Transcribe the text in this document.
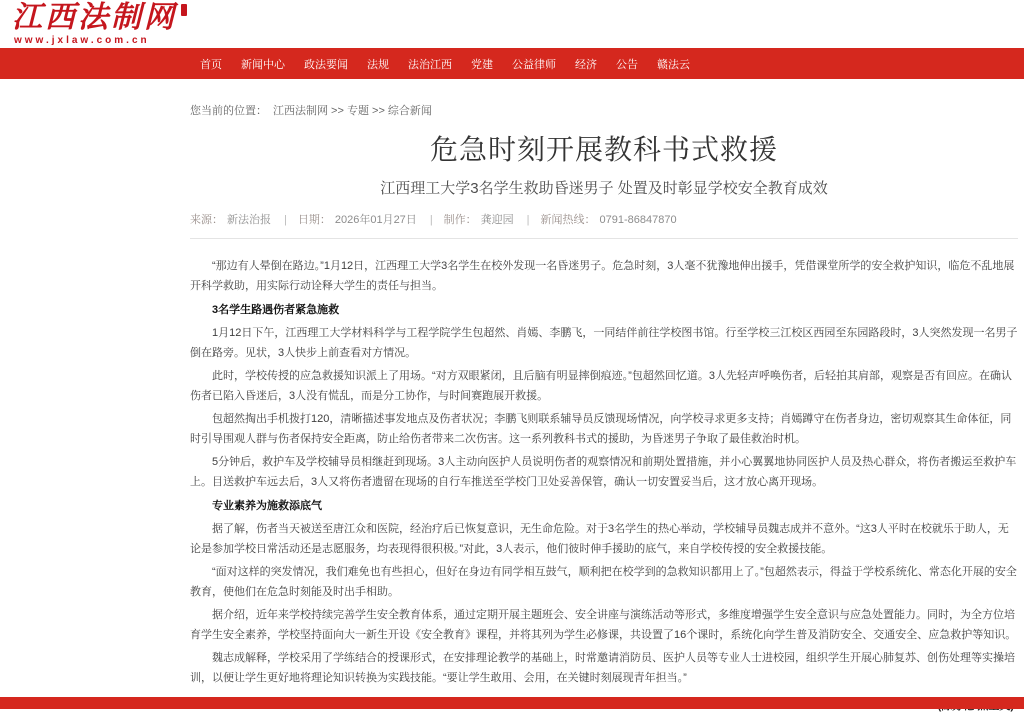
江西法制网
www.jxlaw.com.cn
首页 新闻中心 政法要闻 法规 法治江西 党建 公益律师 经济 公告 赣法云
您当前的位置： 江西法制网 >> 专题 >> 综合新闻
危急时刻开展教科书式救援
江西理工大学3名学生救助昏迷男子 处置及时彰显学校安全教育成效
来源： 新法治报 | 日期： 2026年01月27日 | 制作： 龚迎园 | 新闻热线： 0791-86847870
“那边有人晕倒在路边。”1月12日，江西理工大学3名学生在校外发现一名昏迷男子。危急时刻，3人毫不犹豫地伸出援手，凭借课堂所学的安全救护知识，临危不乱地展开科学救助，用实际行动诠释大学生的责任与担当。
3名学生路遇伤者紧急施救
1月12日下午，江西理工大学材料科学与工程学院学生包超然、肖嫣、李鹏飞，一同结伴前往学校图书馆。行至学校三江校区西园至东园路段时，3人突然发现一名男子倒在路旁。见状，3人快步上前查看对方情况。
此时，学校传授的应急救援知识派上了用场。“对方双眼紧闭，且后脑有明显摔倒痕迹。”包超然回忆道。3人先轻声呼唤伤者，后轻拍其肩部，观察是否有回应。在确认伤者已陷入昏迷后，3人没有慌乱，而是分工协作，与时间赛跑展开救援。
包超然掏出手机拨打120，清晰描述事发地点及伤者状况；李鹏飞则联系辅导员反馈现场情况，向学校寻求更多支持；肖嫣蹲守在伤者身边，密切观察其生命体征，同时引导围观人群与伤者保持安全距离，防止给伤者带来二次伤害。这一系列教科书式的援助，为昏迷男子争取了最佳救治时机。
5分钟后，救护车及学校辅导员相继赶到现场。3人主动向医护人员说明伤者的观察情况和前期处置措施，并小心翼翼地协同医护人员及热心群众，将伤者搬运至救护车上。目送救护车远去后，3人又将伤者遗留在现场的自行车推送至学校门卫处妥善保管，确认一切安置妥当后，这才放心离开现场。
专业素养为施救添底气
据了解，伤者当天被送至唐江众和医院，经治疗后已恢复意识，无生命危险。对于3名学生的热心举动，学校辅导员魏志成并不意外。“这3人平时在校就乐于助人，无论是参加学校日常活动还是志愿服务，均表现得很积极。”对此，3人表示，他们彼时伸手援助的底气，来自学校传授的安全救援技能。
“面对这样的突发情况，我们难免也有些担心，但好在身边有同学相互鼓气，顺利把在校学到的急救知识都用上了。”包超然表示，得益于学校系统化、常态化开展的安全教育，使他们在危急时刻能及时出手相助。
据介绍，近年来学校持续完善学生安全教育体系，通过定期开展主题班会、安全讲座与演练活动等形式，多维度增强学生安全意识与应急处置能力。同时，为全方位培育学生安全素养，学校坚持面向大一新生开设《安全教育》课程，并将其列为学生必修课，共设置了16个课时，系统化向学生普及消防安全、交通安全、应急救护等知识。
魏志成解释，学校采用了学练结合的授课形式，在安排理论教学的基础上，时常邀请消防员、医护人员等专业人士进校园，组织学生开展心肺复苏、创伤处理等实操培训，以便让学生更好地将理论知识转换为实践技能。“要让学生敢用、会用，在关键时刻展现青年担当。”
